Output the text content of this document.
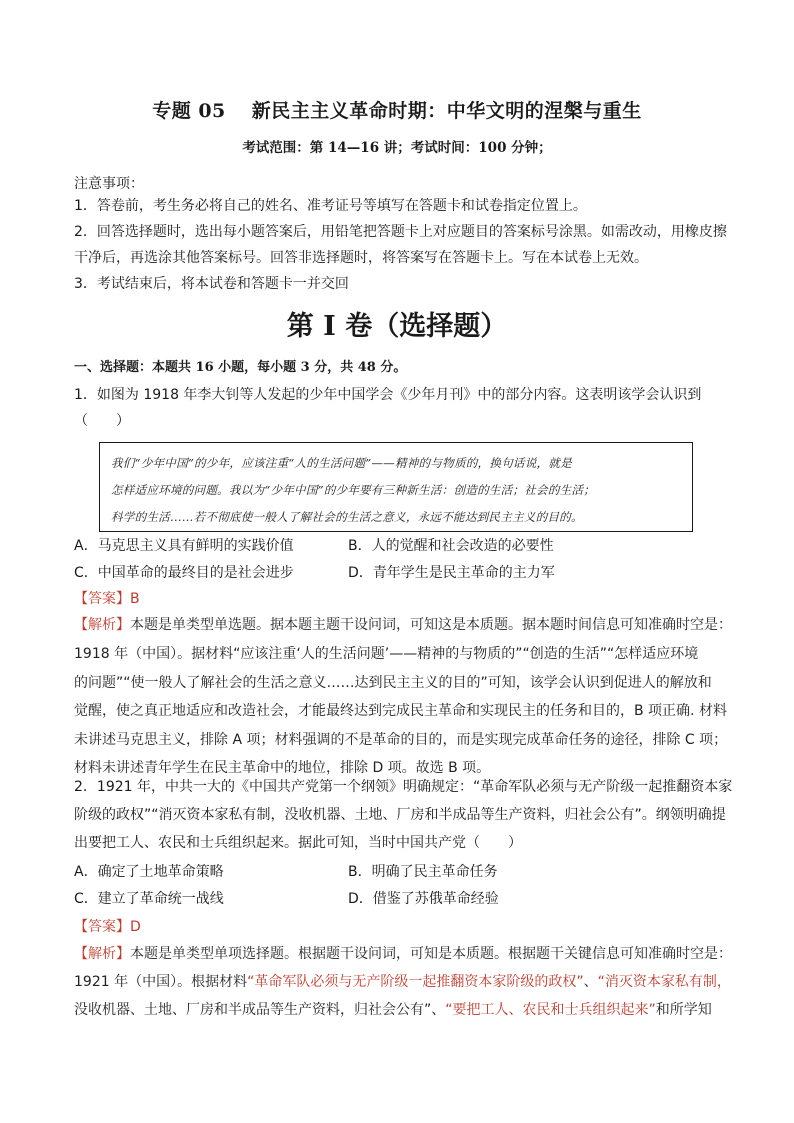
专题 05 新民主主义革命时期：中华文明的涅槃与重生
考试范围：第 14—16 讲；考试时间：100 分钟；
注意事项：
1．答卷前，考生务必将自己的姓名、准考证号等填写在答题卡和试卷指定位置上。
2．回答选择题时，选出每小题答案后，用铅笔把答题卡上对应题目的答案标号涂黑。如需改动，用橡皮擦
干净后，再选涂其他答案标号。回答非选择题时，将答案写在答题卡上。写在本试卷上无效。
3．考试结束后，将本试卷和答题卡一并交回
第 I 卷（选择题）
一、选择题：本题共 16 小题，每小题 3 分，共 48 分。
1．如图为 1918 年李大钊等人发起的少年中国学会《少年月刊》中的部分内容。这表明该学会认识到
（　　）
我们“少年中国”的少年，应该注重“人的生活问题”——精神的与物质的，换句话说，就是
怎样适应环境的问题。我以为“少年中国”的少年要有三种新生活：创造的生活；社会的生活；
科学的生活……若不彻底使一般人了解社会的生活之意义，永远不能达到民主主义的目的。
A．马克思主义具有鲜明的实践价值	B．人的觉醒和社会改造的必要性
C．中国革命的最终目的是社会进步	D．青年学生是民主革命的主力军
【答案】B
【解析】本题是单类型单选题。据本题主题干设问词，可知这是本质题。据本题时间信息可知准确时空是：
1918 年（中国）。据材料“应该注重‘人的生活问题’——精神的与物质的”“创造的生活”“怎样适应环境
的问题”“使一般人了解社会的生活之意义……达到民主主义的目的”可知，该学会认识到促进人的解放和
觉醒，使之真正地适应和改造社会，才能最终达到完成民主革命和实现民主的任务和目的，B 项正确. 材料
未讲述马克思主义，排除 A 项；材料强调的不是革命的目的，而是实现完成革命任务的途径，排除 C 项；
材料未讲述青年学生在民主革命中的地位，排除 D 项。故选 B 项。
2．1921 年，中共一大的《中国共产党第一个纲领》明确规定：“革命军队必须与无产阶级一起推翻资本家
阶级的政权”“消灭资本家私有制，没收机器、土地、厂房和半成品等生产资料，归社会公有”。纲领明确提
出要把工人、农民和士兵组织起来。据此可知，当时中国共产党（　　）
A．确定了土地革命策略	B．明确了民主革命任务
C．建立了革命统一战线	D．借鉴了苏俄革命经验
【答案】D
【解析】本题是单类型单项选择题。根据题干设问词，可知是本质题。根据题干关键信息可知准确时空是：
1921 年（中国）。根据材料“革命军队必须与无产阶级一起推翻资本家阶级的政权”、“消灭资本家私有制，
没收机器、土地、厂房和半成品等生产资料，归社会公有”、“要把工人、农民和士兵组织起来”和所学知
